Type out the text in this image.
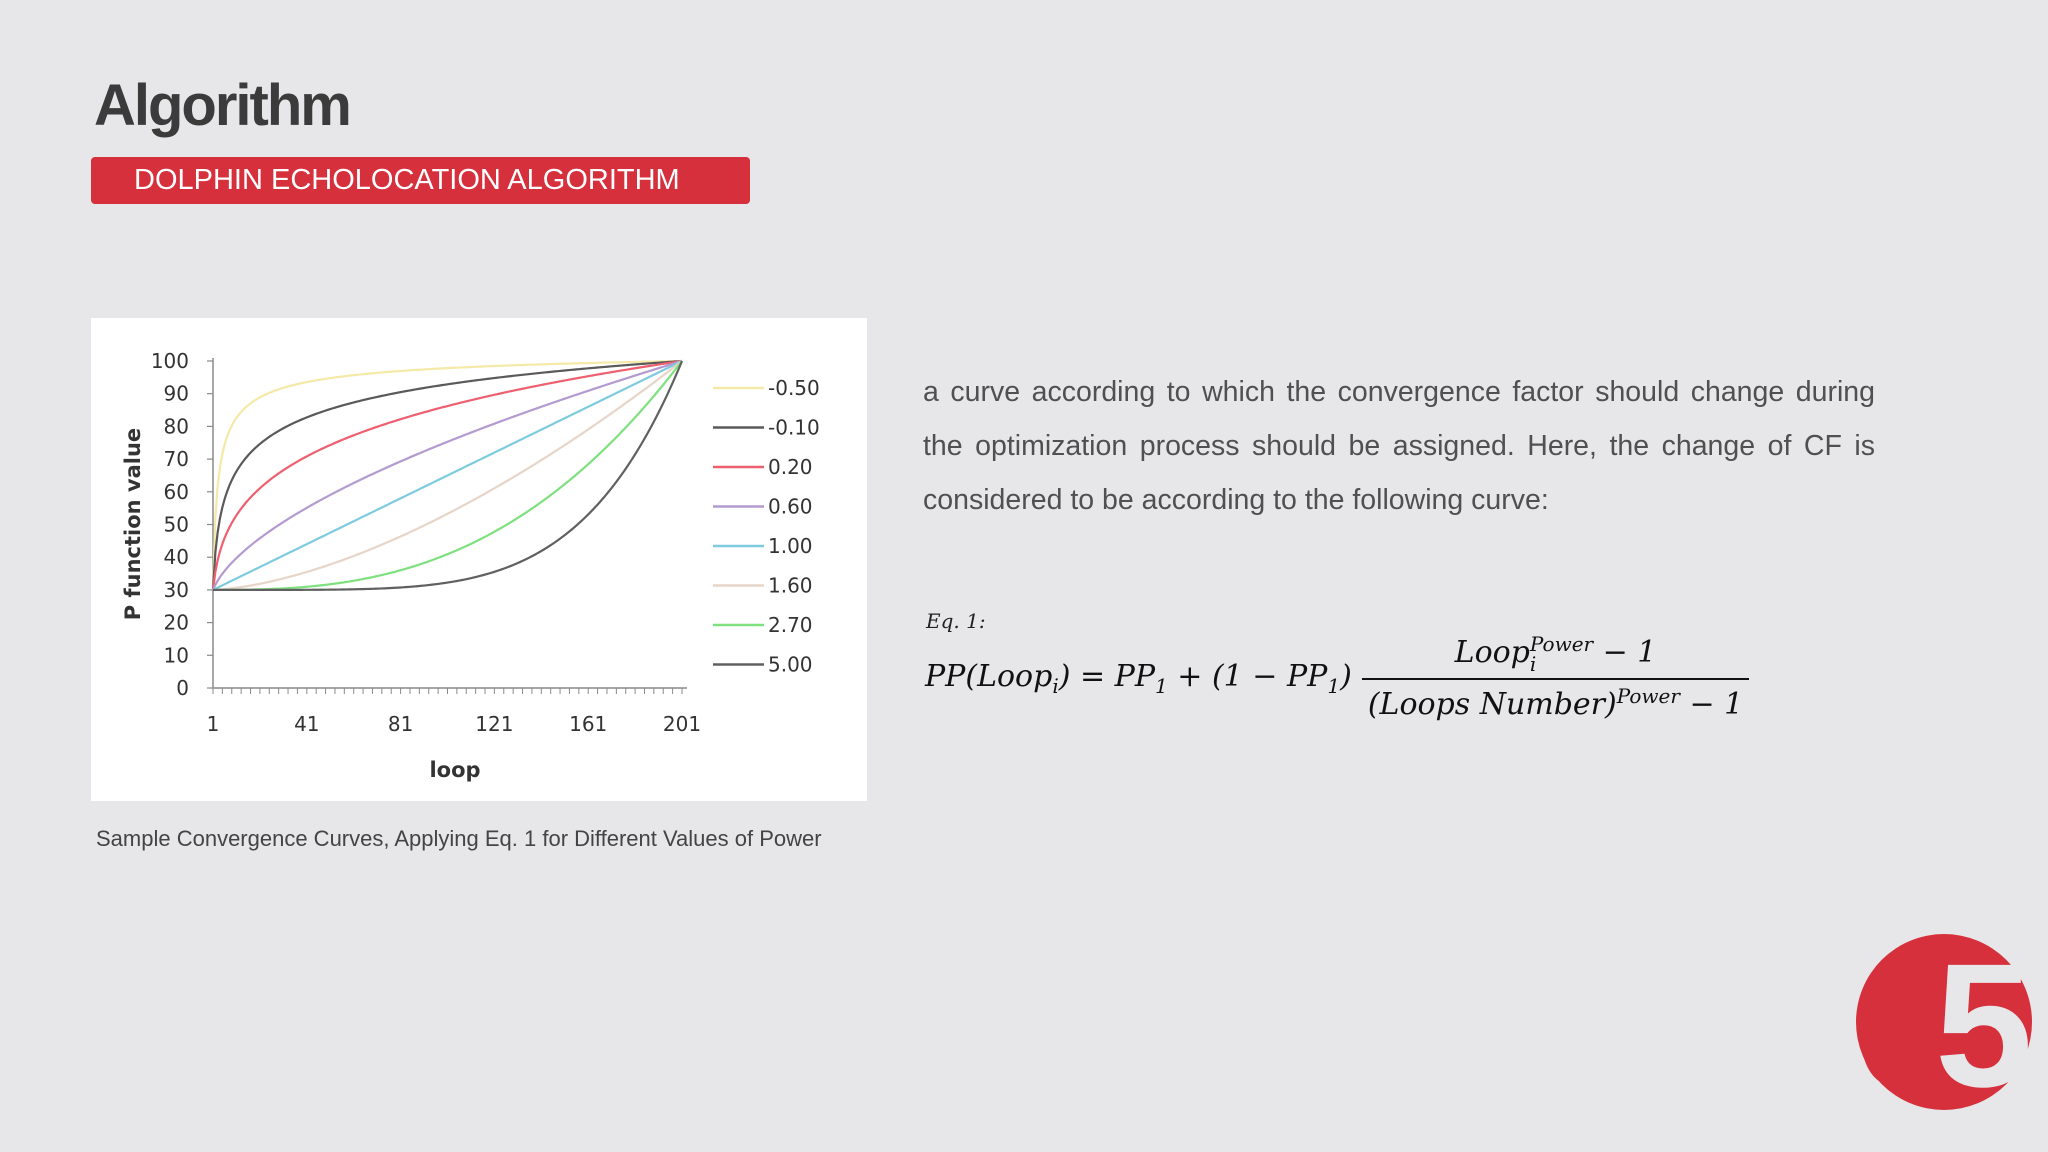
Algorithm
DOLPHIN ECHOLOCATION ALGORITHM
0
10
20
30
40
50
60
70
80
90
100
1	41	81	121	161	201
loop
P function value
-0.50
-0.10
0.20
0.60
1.00
1.60
2.70
5.00
Sample Convergence Curves, Applying Eq. 1 for Different Values of Power
a curve according to which the convergence factor should change during the optimization process should be assigned. Here, the change of CF is considered to be according to the following curve:
Eq. 1:
PP(Loop$_i$) = $PP_1 + (1 - PP_1)$ Loop Power
i	− 1
(Loops Number)$^{Power}$ − 1
05
